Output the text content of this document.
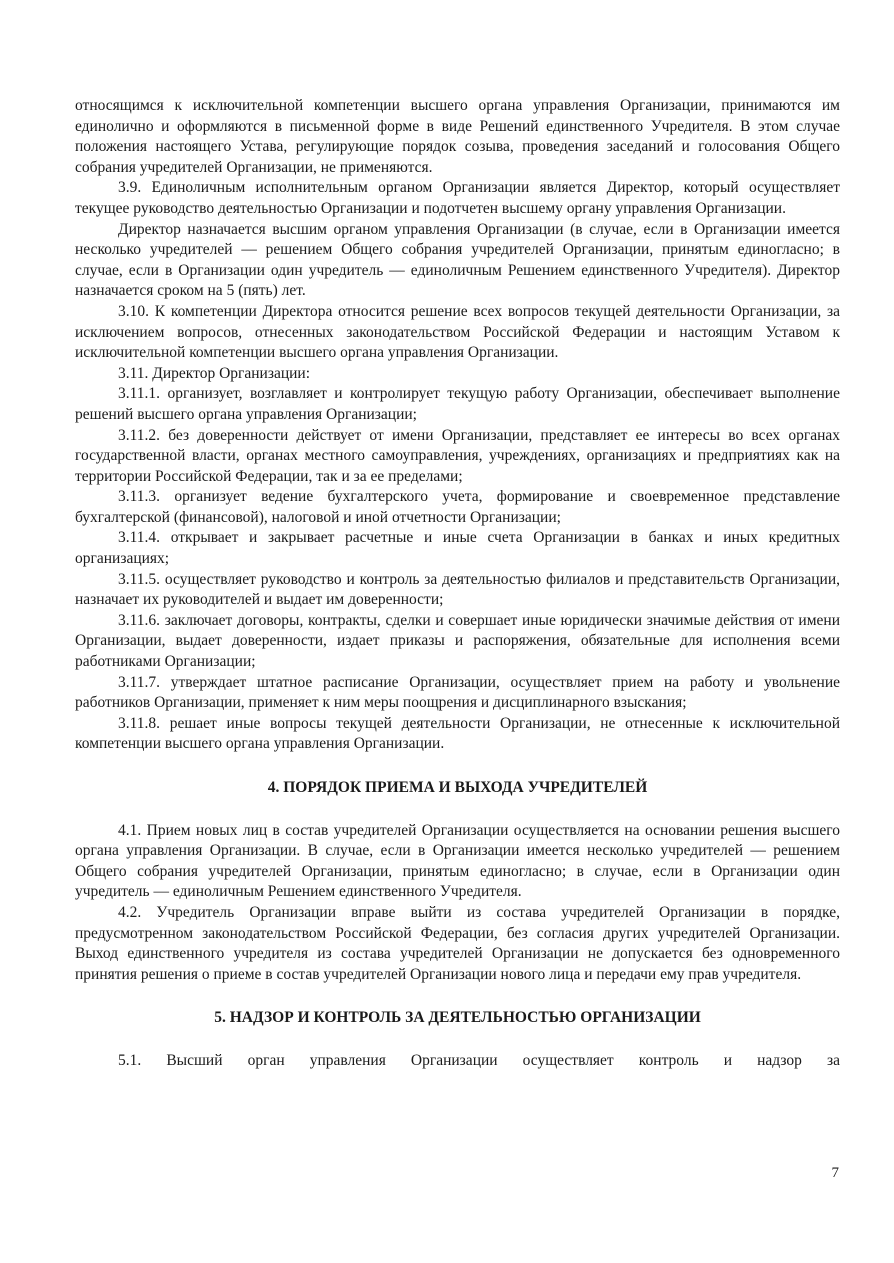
относящимся к исключительной компетенции высшего органа управления Организации, принимаются им единолично и оформляются в письменной форме в виде Решений единственного Учредителя. В этом случае положения настоящего Устава, регулирующие порядок созыва, проведения заседаний и голосования Общего собрания учредителей Организации, не применяются.

3.9. Единоличным исполнительным органом Организации является Директор, который осуществляет текущее руководство деятельностью Организации и подотчетен высшему органу управления Организации.

Директор назначается высшим органом управления Организации (в случае, если в Организации имеется несколько учредителей — решением Общего собрания учредителей Организации, принятым единогласно; в случае, если в Организации один учредитель — единоличным Решением единственного Учредителя). Директор назначается сроком на 5 (пять) лет.

3.10. К компетенции Директора относится решение всех вопросов текущей деятельности Организации, за исключением вопросов, отнесенных законодательством Российской Федерации и настоящим Уставом к исключительной компетенции высшего органа управления Организации.

3.11. Директор Организации:

3.11.1. организует, возглавляет и контролирует текущую работу Организации, обеспечивает выполнение решений высшего органа управления Организации;

3.11.2. без доверенности действует от имени Организации, представляет ее интересы во всех органах государственной власти, органах местного самоуправления, учреждениях, организациях и предприятиях как на территории Российской Федерации, так и за ее пределами;

3.11.3. организует ведение бухгалтерского учета, формирование и своевременное представление бухгалтерской (финансовой), налоговой и иной отчетности Организации;

3.11.4. открывает и закрывает расчетные и иные счета Организации в банках и иных кредитных организациях;

3.11.5. осуществляет руководство и контроль за деятельностью филиалов и представительств Организации, назначает их руководителей и выдает им доверенности;

3.11.6. заключает договоры, контракты, сделки и совершает иные юридически значимые действия от имени Организации, выдает доверенности, издает приказы и распоряжения, обязательные для исполнения всеми работниками Организации;

3.11.7. утверждает штатное расписание Организации, осуществляет прием на работу и увольнение работников Организации, применяет к ним меры поощрения и дисциплинарного взыскания;

3.11.8. решает иные вопросы текущей деятельности Организации, не отнесенные к исключительной компетенции высшего органа управления Организации.

4. ПОРЯДОК ПРИЕМА И ВЫХОДА УЧРЕДИТЕЛЕЙ

4.1. Прием новых лиц в состав учредителей Организации осуществляется на основании решения высшего органа управления Организации. В случае, если в Организации имеется несколько учредителей — решением Общего собрания учредителей Организации, принятым единогласно; в случае, если в Организации один учредитель — единоличным Решением единственного Учредителя.

4.2. Учредитель Организации вправе выйти из состава учредителей Организации в порядке, предусмотренном законодательством Российской Федерации, без согласия других учредителей Организации. Выход единственного учредителя из состава учредителей Организации не допускается без одновременного принятия решения о приеме в состав учредителей Организации нового лица и передачи ему прав учредителя.

5. НАДЗОР И КОНТРОЛЬ ЗА ДЕЯТЕЛЬНОСТЬЮ ОРГАНИЗАЦИИ

5.1. Высший орган управления Организации осуществляет контроль и надзор за

7
